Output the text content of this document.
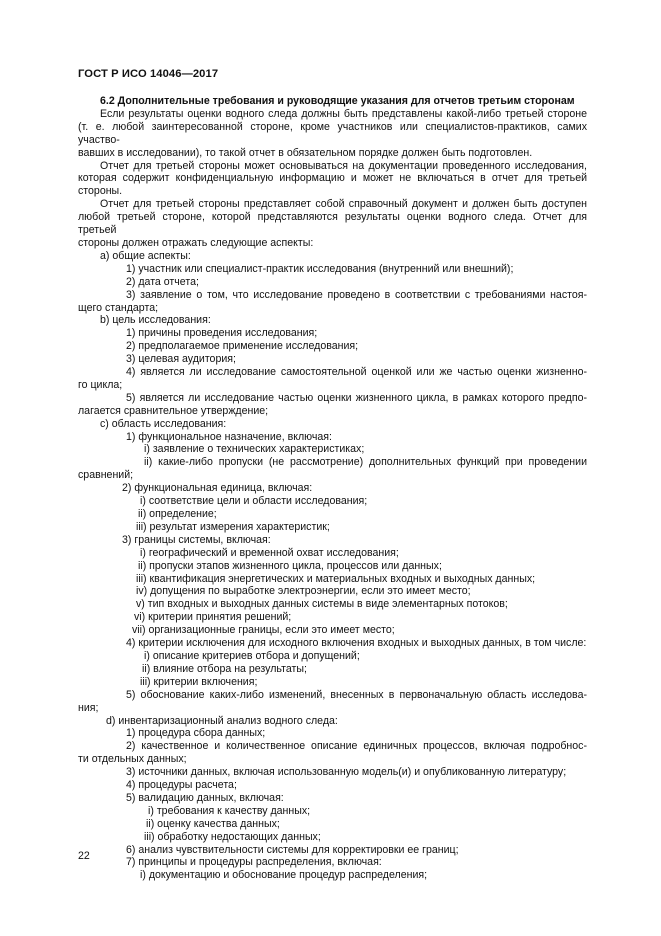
ГОСТ Р ИСО 14046—2017
6.2 Дополнительные требования и руководящие указания для отчетов третьим сторонам
Если результаты оценки водного следа должны быть представлены какой-либо третьей стороне
(т. е. любой заинтересованной стороне, кроме участников или специалистов-практиков, самих участво-
вавших в исследовании), то такой отчет в обязательном порядке должен быть подготовлен.
Отчет для третьей стороны может основываться на документации проведенного исследования,
которая содержит конфиденциальную информацию и может не включаться в отчет для третьей стороны.
Отчет для третьей стороны представляет собой справочный документ и должен быть доступен
любой третьей стороне, которой представляются результаты оценки водного следа. Отчет для третьей
стороны должен отражать следующие аспекты:
a) общие аспекты:
1) участник или специалист-практик исследования (внутренний или внешний);
2) дата отчета;
3) заявление о том, что исследование проведено в соответствии с требованиями настоя-
щего стандарта;
b) цель исследования:
1) причины проведения исследования;
2) предполагаемое применение исследования;
3) целевая аудитория;
4) является ли исследование самостоятельной оценкой или же частью оценки жизненно-
го цикла;
5) является ли исследование частью оценки жизненного цикла, в рамках которого предпо-
лагается сравнительное утверждение;
c) область исследования:
1) функциональное назначение, включая:
i) заявление о технических характеристиках;
ii) какие-либо пропуски (не рассмотрение) дополнительных функций при проведении
сравнений;
2) функциональная единица, включая:
i) соответствие цели и области исследования;
ii) определение;
iii) результат измерения характеристик;
3) границы системы, включая:
i) географический и временной охват исследования;
ii) пропуски этапов жизненного цикла, процессов или данных;
iii) квантификация энергетических и материальных входных и выходных данных;
iv) допущения по выработке электроэнергии, если это имеет место;
v) тип входных и выходных данных системы в виде элементарных потоков;
vi) критерии принятия решений;
vii) организационные границы, если это имеет место;
4) критерии исключения для исходного включения входных и выходных данных, в том числе:
i) описание критериев отбора и допущений;
ii) влияние отбора на результаты;
iii) критерии включения;
5) обоснование каких-либо изменений, внесенных в первоначальную область исследова-
ния;
d) инвентаризационный анализ водного следа:
1) процедура сбора данных;
2) качественное и количественное описание единичных процессов, включая подробнос-
ти отдельных данных;
3) источники данных, включая использованную модель(и) и опубликованную литературу;
4) процедуры расчета;
5) валидацию данных, включая:
i) требования к качеству данных;
ii) оценку качества данных;
iii) обработку недостающих данных;
6) анализ чувствительности системы для корректировки ее границ;
7) принципы и процедуры распределения, включая:
i) документацию и обоснование процедур распределения;
22
